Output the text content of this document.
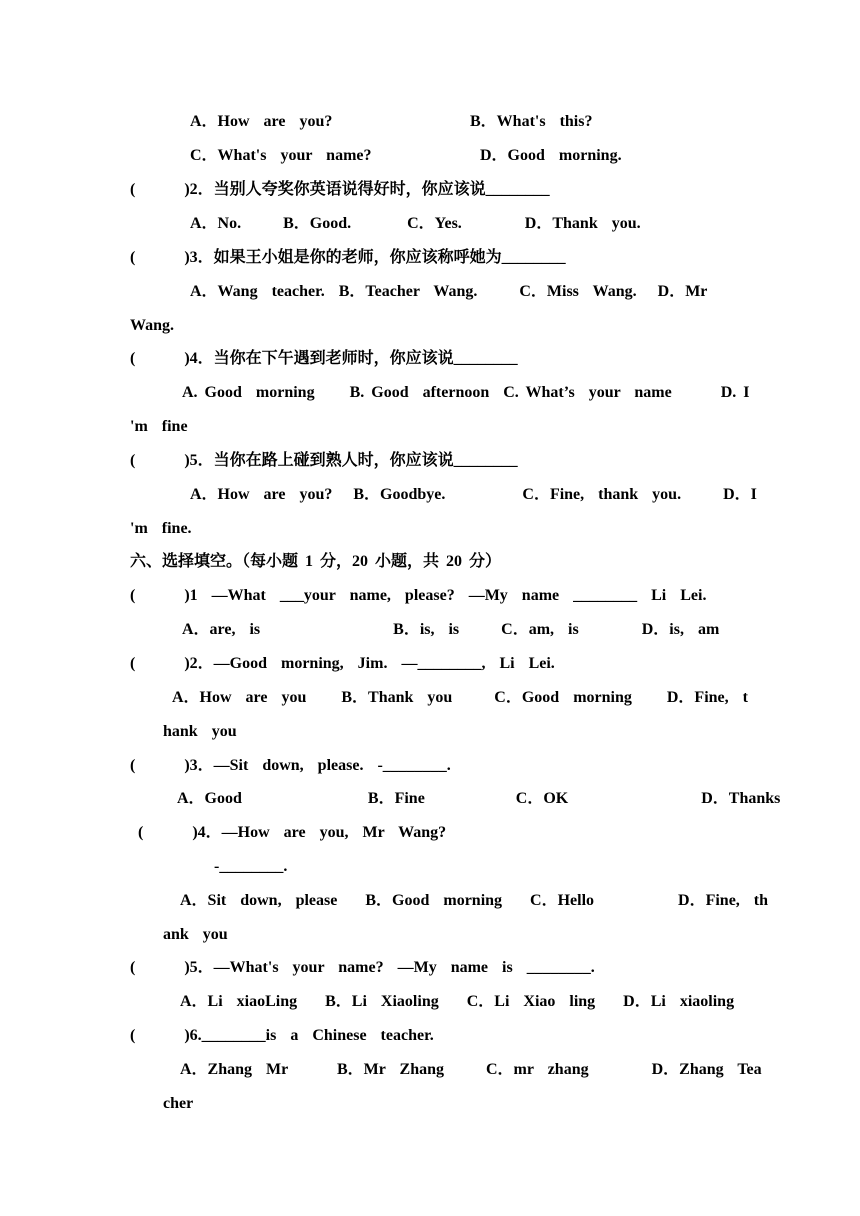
A．How  are  you?	B．What's  this?
C．What's  your  name?	D．Good  morning.
(       )2．当别人夸奖你英语说得好时，你应该说________
A．No.      B．Good.        C．Yes.         D．Thank  you.
(       )3．如果王小姐是你的老师，你应该称呼她为________
A．Wang  teacher.  B．Teacher  Wang.      C．Miss  Wang.   D．Mr
Wang.
(       )4．当你在下午遇到老师时，你应该说________
A. Good  morning     B. Good  afternoon  C. What’s  your  name       D. I
'm  fine
(       )5．当你在路上碰到熟人时，你应该说________
A．How  are  you?   B．Goodbye.           C．Fine,  thank  you.      D．I
'm  fine.
六、选择填空。（每小题 1 分，20 小题，共 20 分）
(       )1  —What  ___your  name,  please?  —My  name  ________  Li  Lei.
A．are,  is                   B．is,  is      C．am,  is         D．is,  am
(       )2．—Good  morning,  Jim.  —________,  Li  Lei.
A．How  are  you     B．Thank  you      C．Good  morning     D．Fine,  t
hank  you
(       )3．—Sit  down,  please.  -________.
A．Good                  B．Fine             C．OK                   D．Thanks
(       )4．—How  are  you,  Mr  Wang?
-________.
A．Sit  down,  please    B．Good  morning    C．Hello            D．Fine,  th
ank  you
(       )5．—What's  your  name?  —My  name  is  ________.
A．Li  xiaoLing    B．Li  Xiaoling    C．Li  Xiao  ling    D．Li  xiaoling
(       )6.________is  a  Chinese  teacher.
A．Zhang  Mr       B．Mr  Zhang      C．mr  zhang         D．Zhang  Tea
cher
